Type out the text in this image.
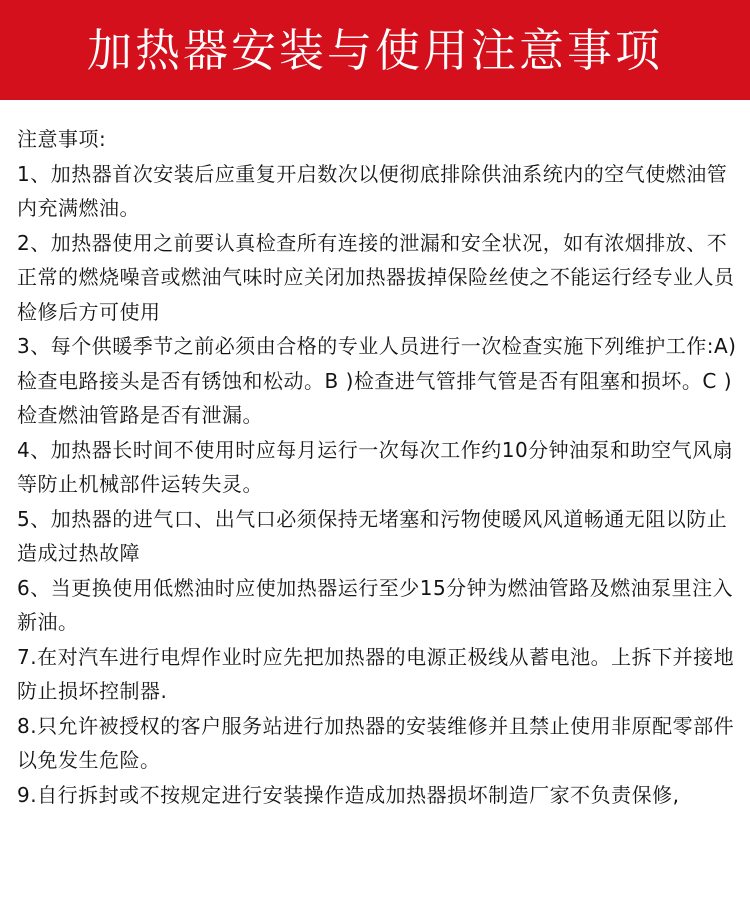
加热器安装与使用注意事项

注意事项:

1、加热器首次安装后应重复开启数次以便彻底排除供油系统内的空气使燃油管内充满燃油。
2、加热器使用之前要认真检查所有连接的泄漏和安全状况，如有浓烟排放、不正常的燃烧噪音或燃油气味时应关闭加热器拔掉保险丝使之不能运行经专业人员检修后方可使用
3、每个供暖季节之前必须由合格的专业人员进行一次检查实施下列维护工作:A)检查电路接头是否有锈蚀和松动。B )检查进气管排气管是否有阻塞和损坏。C )检查燃油管路是否有泄漏。
4、加热器长时间不使用时应每月运行一次每次工作约10分钟油泵和助空气风扇等防止机械部件运转失灵。
5、加热器的进气口、出气口必须保持无堵塞和污物使暖风风道畅通无阻以防止造成过热故障
6、当更换使用低燃油时应使加热器运行至少15分钟为燃油管路及燃油泵里注入新油。
7.在对汽车进行电焊作业时应先把加热器的电源正极线从蓄电池。上拆下并接地防止损坏控制器.
8.只允许被授权的客户服务站进行加热器的安装维修并且禁止使用非原配零部件以免发生危险。
9.自行拆封或不按规定进行安装操作造成加热器损坏制造厂家不负责保修,
